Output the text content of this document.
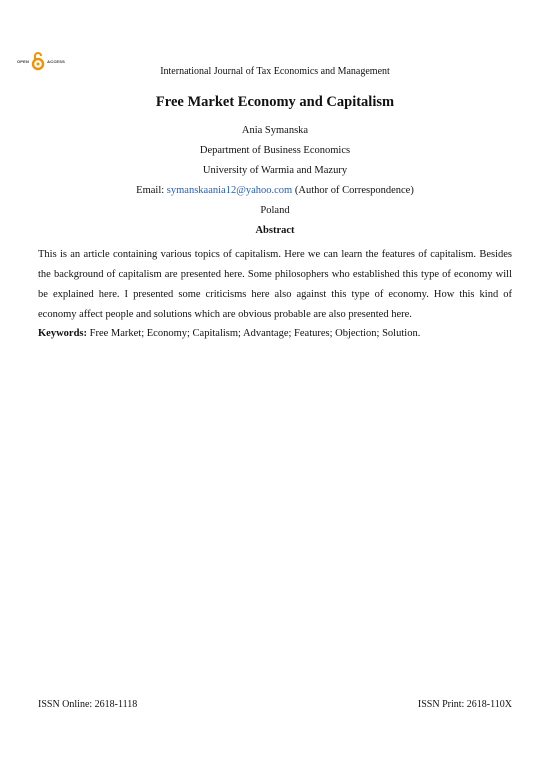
OPEN	ACCESS
International Journal of Tax Economics and Management
Free Market Economy and Capitalism
Ania Symanska
Department of Business Economics
University of Warmia and Mazury
Email: symanskaania12@yahoo.com (Author of Correspondence)
Poland
Abstract

This is an article containing various topics of capitalism. Here we can learn the features of capitalism. Besides the background of capitalism are presented here. Some philosophers who established this type of economy will be explained here. I presented some criticisms here also against this type of economy. How this kind of economy affect people and solutions which are obvious probable are also presented here.

Keywords: Free Market; Economy; Capitalism; Advantage; Features; Objection; Solution.

ISSN Online: 2618-1118	ISSN Print: 2618-110X
